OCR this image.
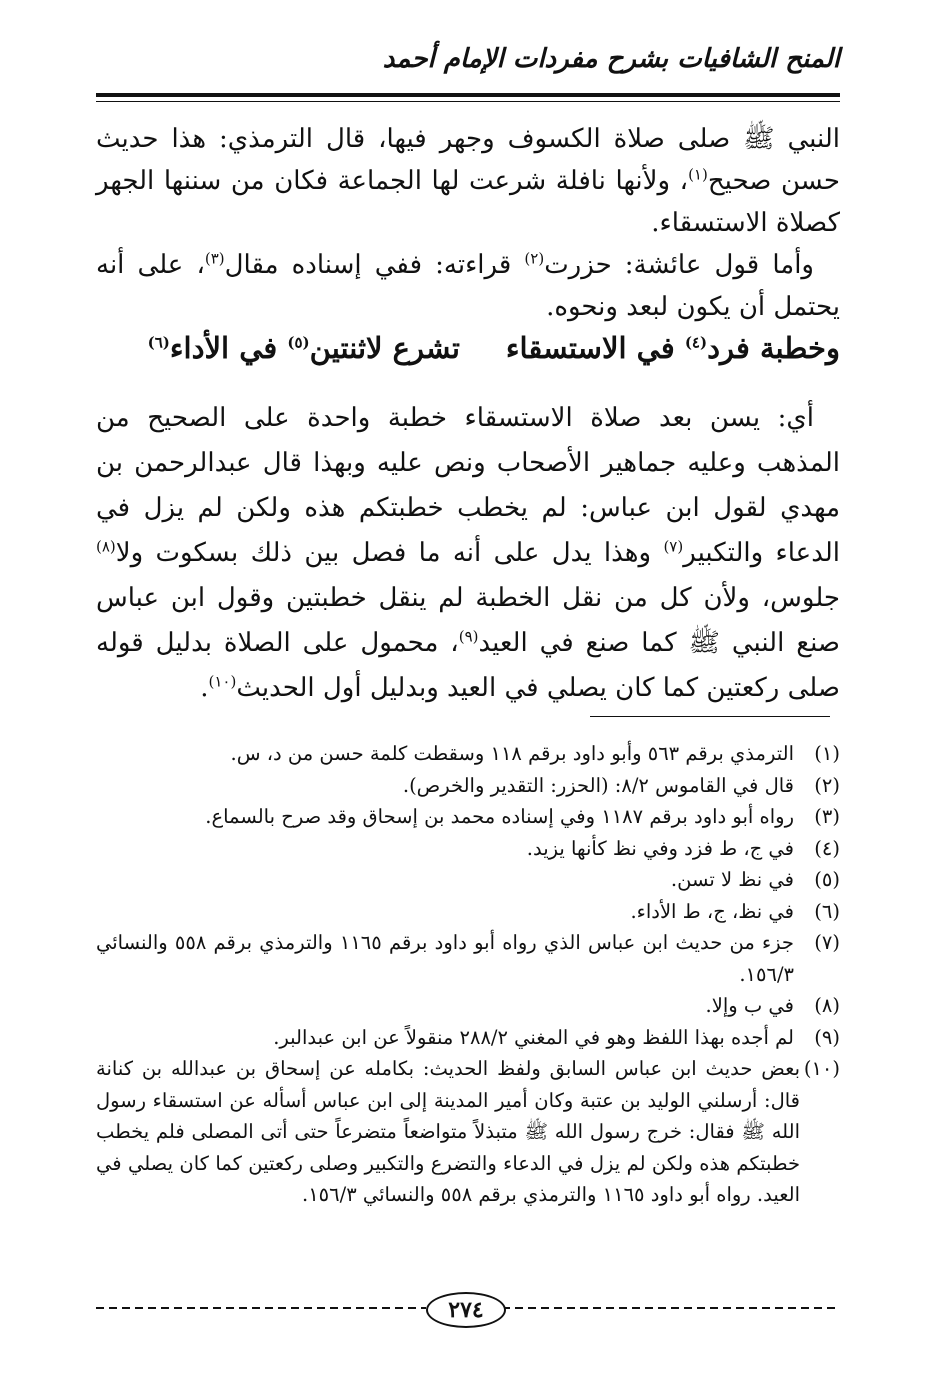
المنح الشافيات بشرح مفردات الإمام أحمد

النبي ﷺ صلى صلاة الكسوف وجهر فيها، قال الترمذي: هذا حديث حسن صحيح$^{(١)}$، ولأنها نافلة شرعت لها الجماعة فكان من سننها الجهر كصلاة الاستسقاء.

وأما قول عائشة: حزرت$^{(٢)}$ قراءته: ففي إسناده مقال$^{(٣)}$، على أنه يحتمل أن يكون لبعد ونحوه.

وخطبة فرد$^{(٤)}$ في الاستسقاءتشرع لاثنتين$^{(٥)}$ في الأداء$^{(٦)}$

أي: يسن بعد صلاة الاستسقاء خطبة واحدة على الصحيح من المذهب وعليه جماهير الأصحاب ونص عليه وبهذا قال عبدالرحمن بن مهدي لقول ابن عباس: لم يخطب خطبتكم هذه ولكن لم يزل في الدعاء والتكبير$^{(٧)}$ وهذا يدل على أنه ما فصل بين ذلك بسكوت ولا$^{(٨)}$ جلوس، ولأن كل من نقل الخطبة لم ينقل خطبتين وقول ابن عباس صنع النبي ﷺ كما صنع في العيد$^{(٩)}$، محمول على الصلاة بدليل قوله صلى ركعتين كما كان يصلي في العيد وبدليل أول الحديث$^{(١٠)}$.

(١)
الترمذي برقم ٥٦٣ وأبو داود برقم ١١٨ وسقطت كلمة حسن من د، س.
(٢)
قال في القاموس ٨/٢: (الحزر: التقدير والخرص).
(٣)
رواه أبو داود برقم ١١٨٧ وفي إسناده محمد بن إسحاق وقد صرح بالسماع.
(٤)
في ج، ط فزد وفي نظ كأنها يزيد.
(٥)
في نظ لا تسن.
(٦)
في نظ، ج، ط الأداء.
(٧)
جزء من حديث ابن عباس الذي رواه أبو داود برقم ١١٦٥ والترمذي برقم ٥٥٨ والنسائي ١٥٦/٣.
(٨)
في ب وإلا.
(٩)
لم أجده بهذا اللفظ وهو في المغني ٢٨٨/٢ منقولاً عن ابن عبدالبر.
(١٠)
بعض حديث ابن عباس السابق ولفظ الحديث: بكامله عن إسحاق بن عبدالله بن كنانة قال: أرسلني الوليد بن عتبة وكان أمير المدينة إلى ابن عباس أسأله عن استسقاء رسول الله ﷺ فقال: خرج رسول الله ﷺ متبذلاً متواضعاً متضرعاً حتى أتى المصلى فلم يخطب خطبتكم هذه ولكن لم يزل في الدعاء والتضرع والتكبير وصلى ركعتين كما كان يصلي في العيد. رواه أبو داود ١١٦٥ والترمذي برقم ٥٥٨ والنسائي ١٥٦/٣.
٢٧٤
